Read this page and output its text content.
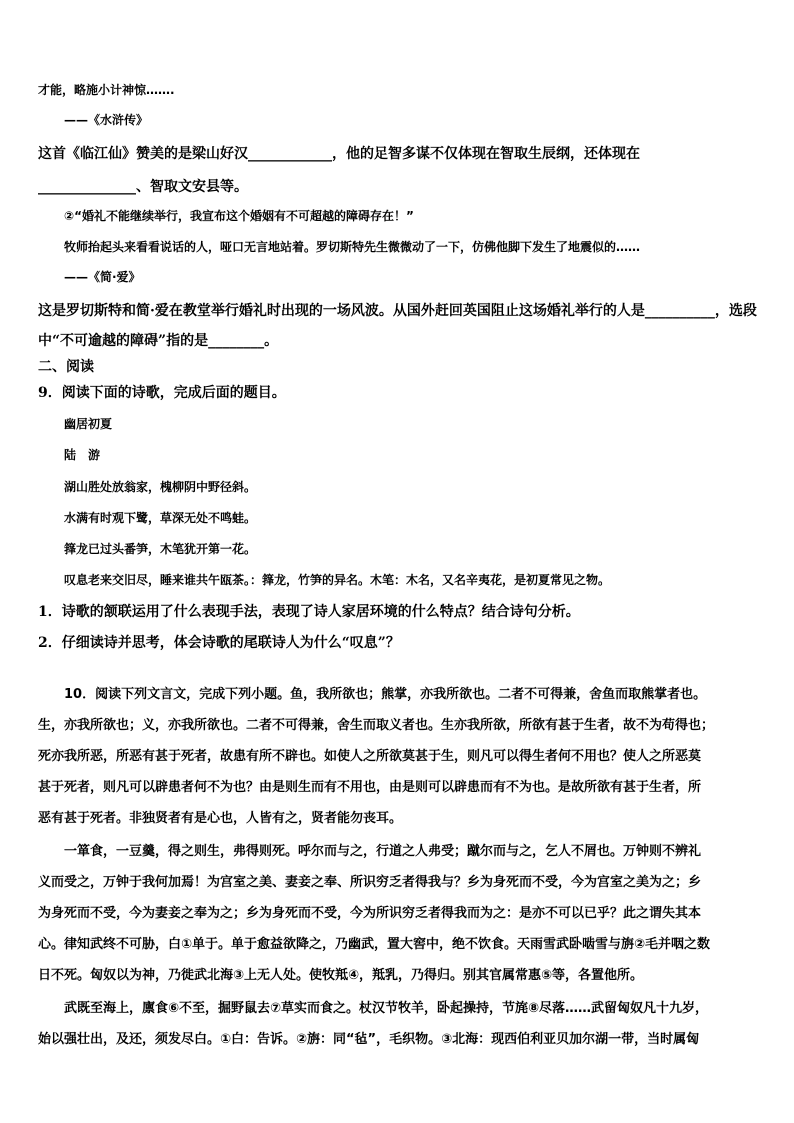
才能，略施小计神惊…….
——《水浒传》
这首《临江仙》赞美的是梁山好汉____________，他的足智多谋不仅体现在智取生辰纲，还体现在
______________、智取文安县等。
②“婚礼不能继续举行，我宣布这个婚姻有不可超越的障碍存在！”
牧师抬起头来看看说话的人，哑口无言地站着。罗切斯特先生微微动了一下，仿佛他脚下发生了地震似的……
——《简·爱》
这是罗切斯特和简·爱在教堂举行婚礼时出现的一场风波。从国外赶回英国阻止这场婚礼举行的人是__________，选段
中“不可逾越的障碍”指的是________。
二、阅读
9．阅读下面的诗歌，完成后面的题目。
幽居初夏
陆　游
湖山胜处放翁家，槐柳阴中野径斜。
水满有时观下鹭，草深无处不鸣蛙。
箨龙已过头番笋，木笔犹开第一花。
叹息老来交旧尽，睡来谁共午瓯茶。：箨龙，竹笋的异名。木笔：木名，又名辛夷花，是初夏常见之物。
1．诗歌的颔联运用了什么表现手法，表现了诗人家居环境的什么特点？结合诗句分析。
2．仔细读诗并思考，体会诗歌的尾联诗人为什么“叹息”？
10．阅读下列文言文，完成下列小题。鱼，我所欲也；熊掌，亦我所欲也。二者不可得兼，舍鱼而取熊掌者也。
生，亦我所欲也；义，亦我所欲也。二者不可得兼，舍生而取义者也。生亦我所欲，所欲有甚于生者，故不为苟得也；
死亦我所恶，所恶有甚于死者，故患有所不辟也。如使人之所欲莫甚于生，则凡可以得生者何不用也？使人之所恶莫
甚于死者，则凡可以辟患者何不为也？由是则生而有不用也，由是则可以辟患而有不为也。是故所欲有甚于生者，所
恶有甚于死者。非独贤者有是心也，人皆有之，贤者能勿丧耳。
一箪食，一豆羹，得之则生，弗得则死。呼尔而与之，行道之人弗受；蹴尔而与之，乞人不屑也。万钟则不辨礼
义而受之，万钟于我何加焉！为宫室之美、妻妾之奉、所识穷乏者得我与？乡为身死而不受，今为宫室之美为之；乡
为身死而不受，今为妻妾之奉为之；乡为身死而不受，今为所识穷乏者得我而为之：是亦不可以已乎？此之谓失其本
心。律知武终不可胁，白①单于。单于愈益欲降之，乃幽武，置大窖中，绝不饮食。天雨雪武卧啮雪与旃②毛并咽之数
日不死。匈奴以为神，乃徙武北海③上无人处。使牧羝④，羝乳，乃得归。别其官属常惠⑤等，各置他所。
武既至海上，廪食⑥不至，掘野鼠去⑦草实而食之。杖汉节牧羊，卧起操持，节旄⑧尽落……武留匈奴凡十九岁，
始以强壮出，及还，须发尽白。①白：告诉。②旃：同“毡”，毛织物。③北海：现西伯利亚贝加尔湖一带，当时属匈
